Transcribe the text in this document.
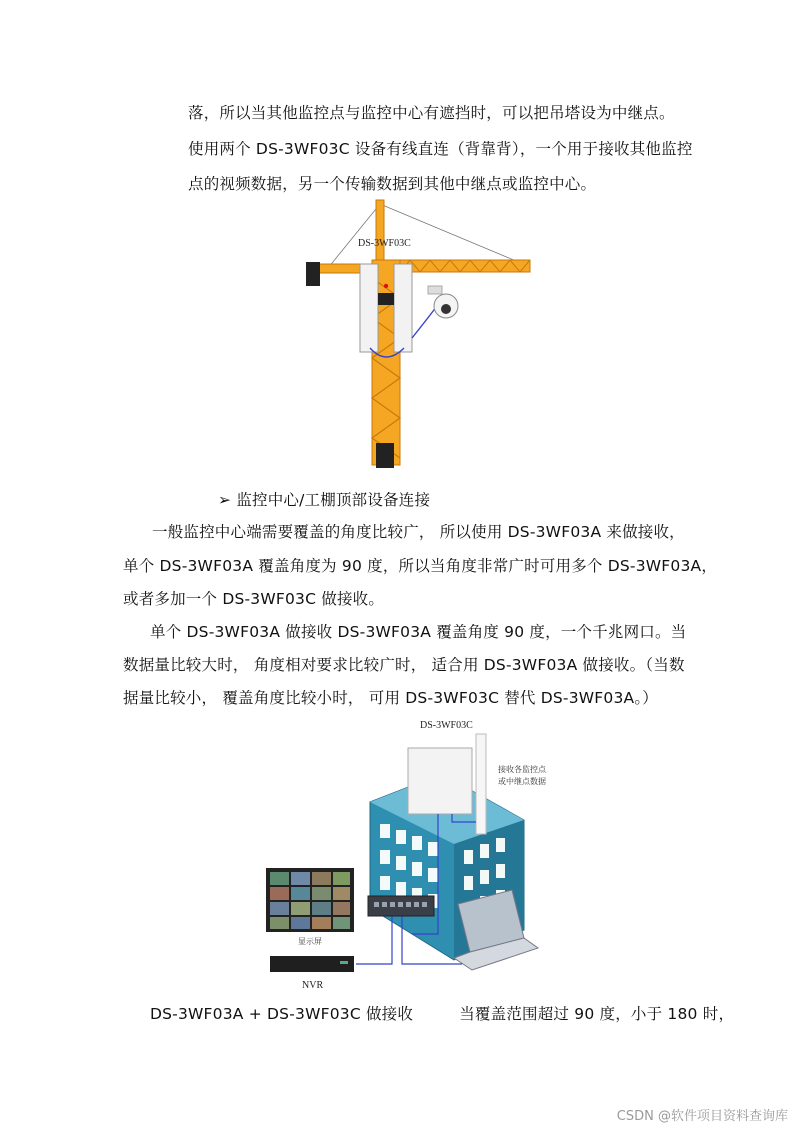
落，所以当其他监控点与监控中心有遮挡时，可以把吊塔设为中继点。
使用两个 DS-3WF03C 设备有线直连（背靠背），一个用于接收其他监控
点的视频数据，另一个传输数据到其他中继点或监控中心。
DS-3WF03C
➢ 监控中心/工棚顶部设备连接
一般监控中心端需要覆盖的角度比较广， 所以使用 DS-3WF03A 来做接收，
单个 DS-3WF03A 覆盖角度为 90 度，所以当角度非常广时可用多个 DS-3WF03A，
或者多加一个 DS-3WF03C 做接收。
单个 DS-3WF03A 做接收 DS-3WF03A 覆盖角度 90 度，一个千兆网口。当
数据量比较大时， 角度相对要求比较广时， 适合用 DS-3WF03A 做接收。（当数
据量比较小， 覆盖角度比较小时， 可用 DS-3WF03C 替代 DS-3WF03A。）
DS-3WF03C
接收各监控点
或中继点数据
显示屏
NVR
DS-3WF03A + DS-3WF03C 做接收         当覆盖范围超过 90 度，小于 180 时，
CSDN @软件项目资料查询库
